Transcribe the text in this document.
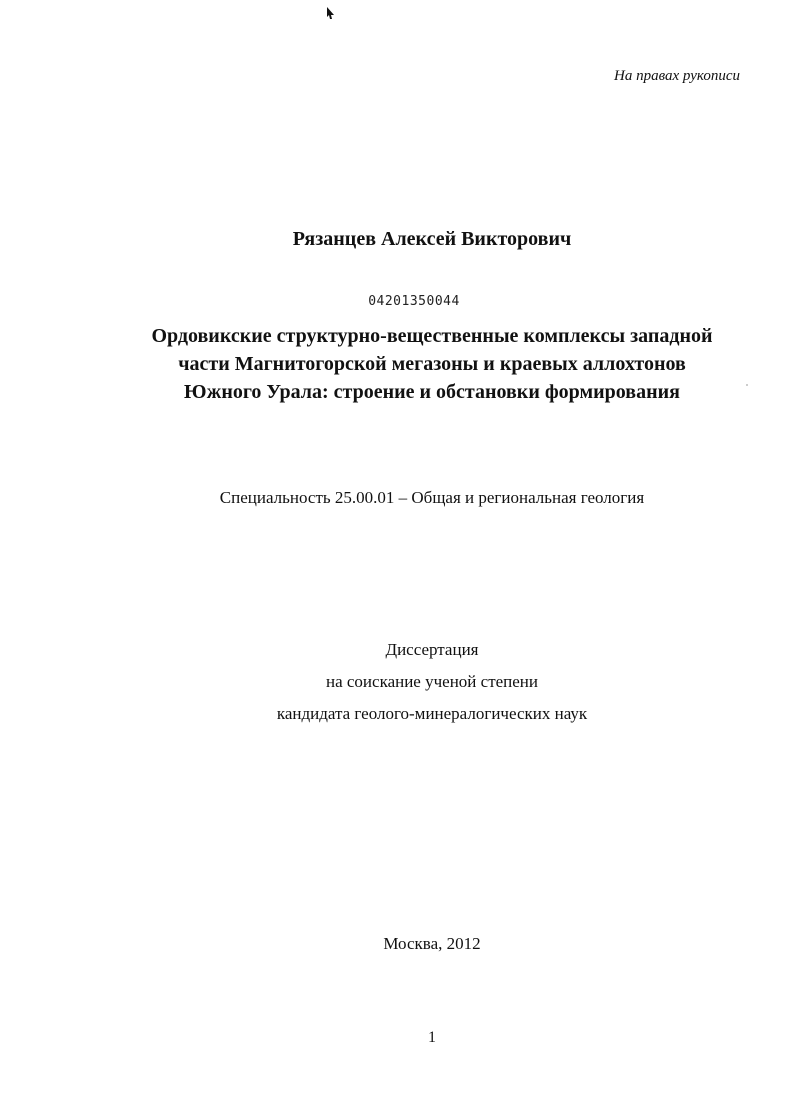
На правах рукописи
Рязанцев Алексей Викторович
04201350044
Ордовикские структурно-вещественные комплексы западной
части Магнитогорской мегазоны и краевых аллохтонов
Южного Урала: строение и обстановки формирования
Специальность 25.00.01 – Общая и региональная геология
Диссертация
на соискание ученой степени
кандидата геолого-минералогических наук
Москва, 2012
1
